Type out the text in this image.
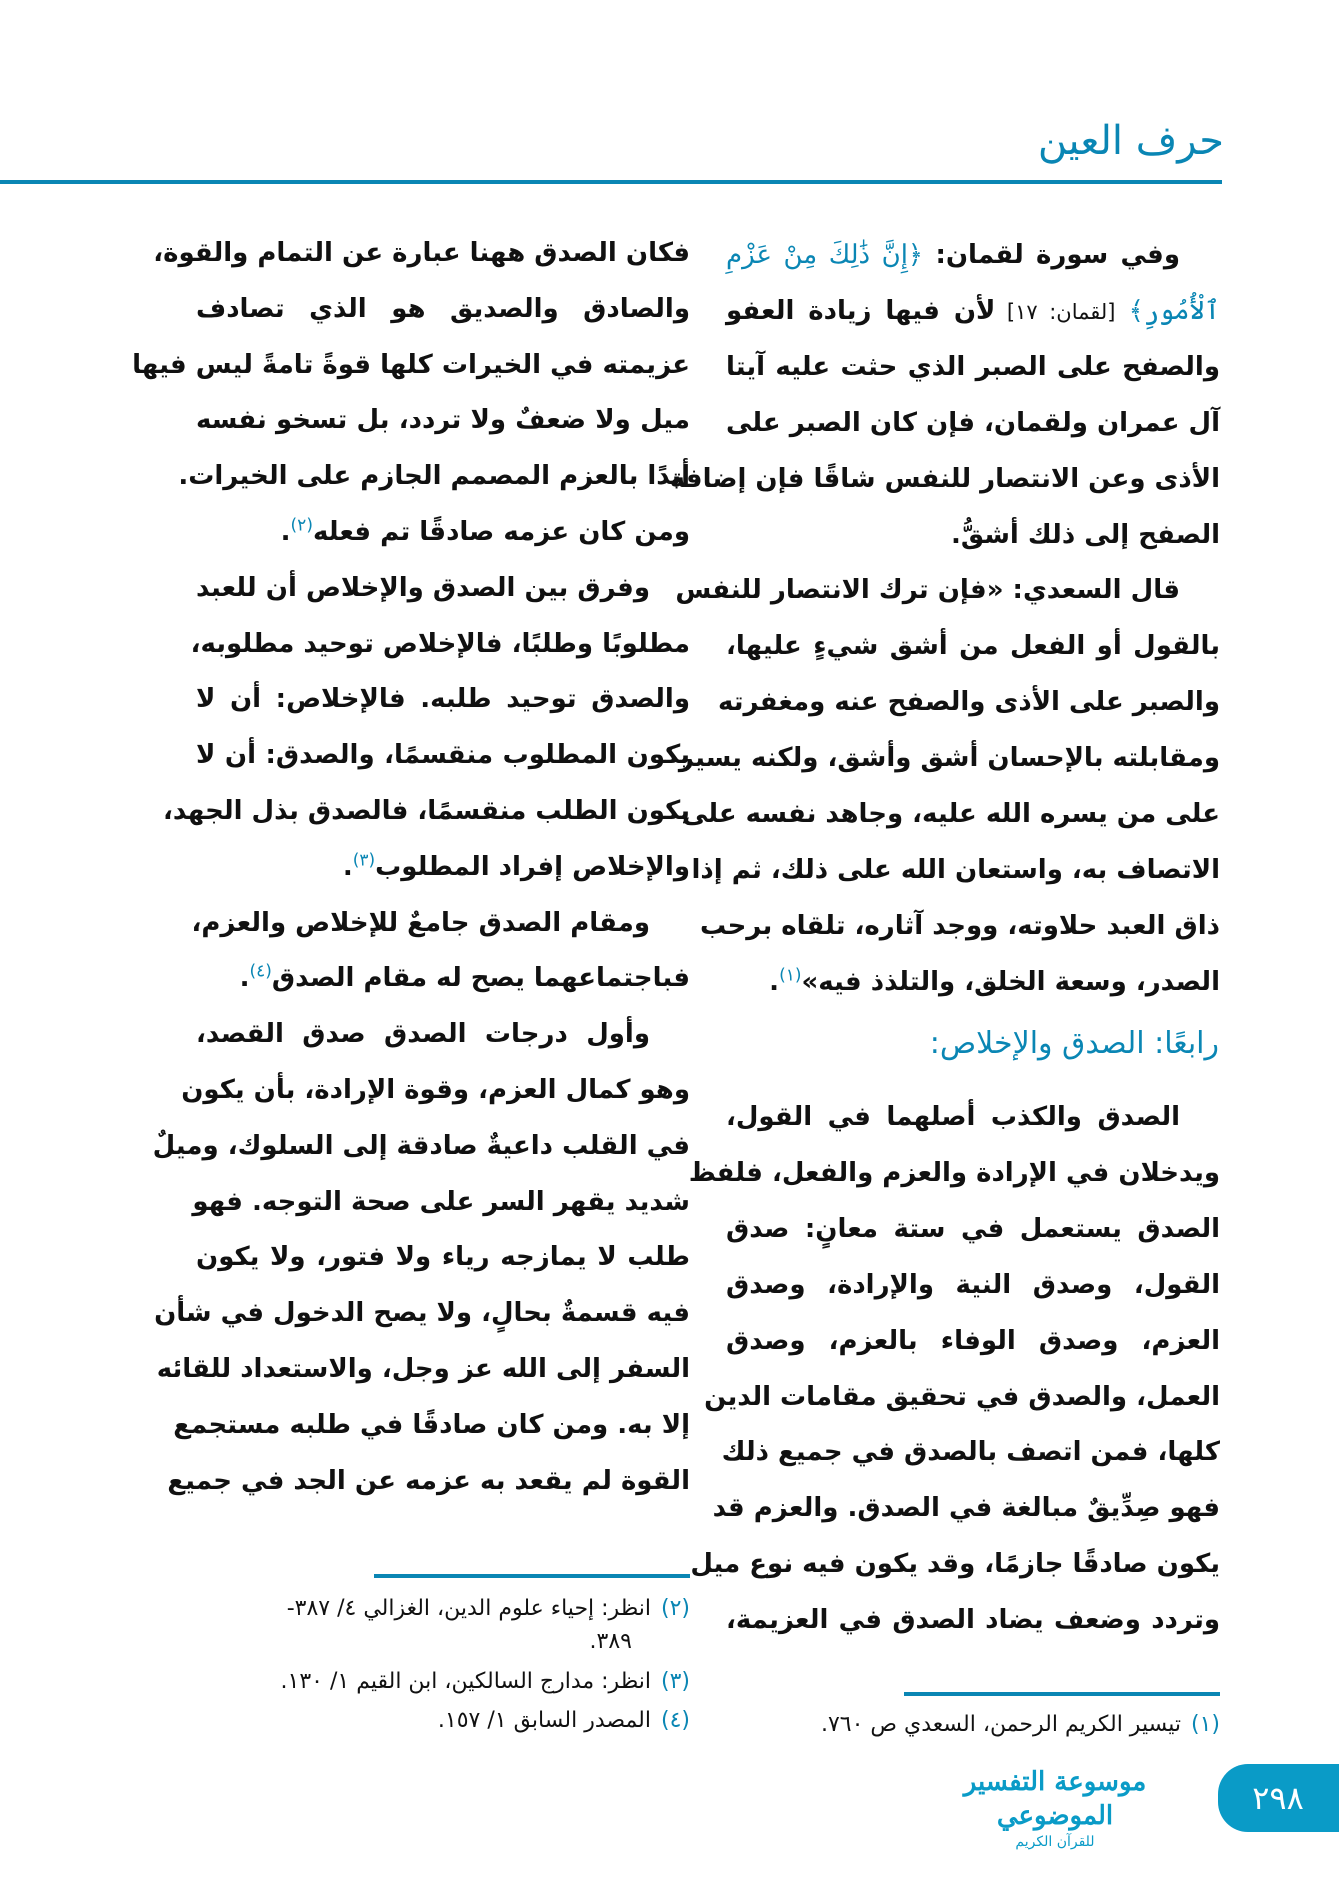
حرف العين
وفي سورة لقمان: ﴿إِنَّ ذَٰلِكَ مِنْ عَزْمِ
ٱلْأُمُورِ﴾ [لقمان: ١٧] لأن فيها زيادة العفو
والصفح على الصبر الذي حثت عليه آيتا
آل عمران ولقمان، فإن كان الصبر على
الأذى وعن الانتصار للنفس شاقًا فإن إضافة
الصفح إلى ذلك أشقُّ.
قال السعدي: «فإن ترك الانتصار للنفس
بالقول أو الفعل من أشق شيءٍ عليها،
والصبر على الأذى والصفح عنه ومغفرته
ومقابلته بالإحسان أشق وأشق، ولكنه يسير
على من يسره الله عليه، وجاهد نفسه على
الاتصاف به، واستعان الله على ذلك، ثم إذا
ذاق العبد حلاوته، ووجد آثاره، تلقاه برحب
الصدر، وسعة الخلق، والتلذذ فيه»$^{(١)}$.
الصدق والكذب أصلهما في القول،
ويدخلان في الإرادة والعزم والفعل، فلفظ
الصدق يستعمل في ستة معانٍ: صدق
القول، وصدق النية والإرادة، وصدق
العزم، وصدق الوفاء بالعزم، وصدق
العمل، والصدق في تحقيق مقامات الدين
كلها، فمن اتصف بالصدق في جميع ذلك
فهو صِدِّيقٌ مبالغة في الصدق. والعزم قد
يكون صادقًا جازمًا، وقد يكون فيه نوع ميل
وتردد وضعف يضاد الصدق في العزيمة،
رابعًا: الصدق والإخلاص:
فكان الصدق ههنا عبارة عن التمام والقوة،
والصادق والصديق هو الذي تصادف
عزيمته في الخيرات كلها قوةً تامةً ليس فيها
ميل ولا ضعفٌ ولا تردد، بل تسخو نفسه
أبدًا بالعزم المصمم الجازم على الخيرات.
ومن كان عزمه صادقًا تم فعله$^{(٢)}$.
وفرق بين الصدق والإخلاص أن للعبد
مطلوبًا وطلبًا، فالإخلاص توحيد مطلوبه،
والصدق توحيد طلبه. فالإخلاص: أن لا
يكون المطلوب منقسمًا، والصدق: أن لا
يكون الطلب منقسمًا، فالصدق بذل الجهد،
والإخلاص إفراد المطلوب$^{(٣)}$.
ومقام الصدق جامعٌ للإخلاص والعزم،
فباجتماعهما يصح له مقام الصدق$^{(٤)}$.
وأول درجات الصدق صدق القصد،
وهو كمال العزم، وقوة الإرادة، بأن يكون
في القلب داعيةٌ صادقة إلى السلوك، وميلٌ
شديد يقهر السر على صحة التوجه. فهو
طلب لا يمازجه رياء ولا فتور، ولا يكون
فيه قسمةٌ بحالٍ، ولا يصح الدخول في شأن
السفر إلى الله عز وجل، والاستعداد للقائه
إلا به. ومن كان صادقًا في طلبه مستجمع
القوة لم يقعد به عزمه عن الجد في جميع
(١)تيسير الكريم الرحمن، السعدي ص ٧٦٠.
(٢)انظر: إحياء علوم الدين، الغزالي ٤/ ٣٨٧-
٣٨٩.
(٣)انظر: مدارج السالكين، ابن القيم ١/ ١٣٠.
(٤)المصدر السابق ١/ ١٥٧.
موسوعة التفسير الموضوعي
للقرآن الكريم
٢٩٨
